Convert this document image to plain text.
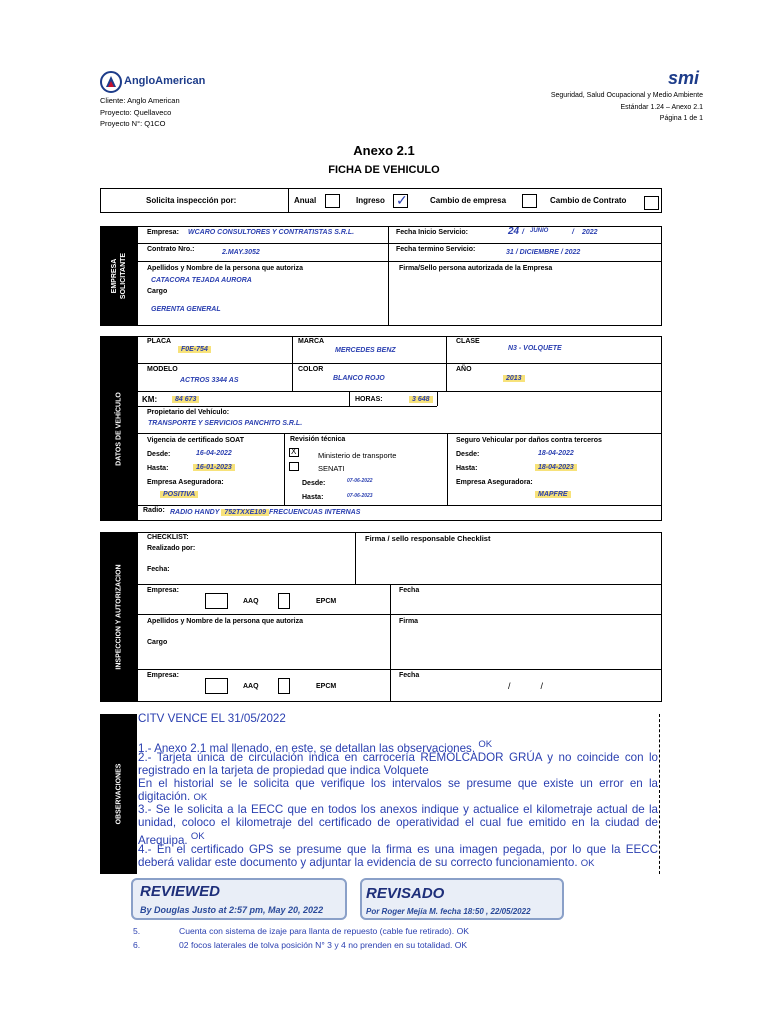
AngloAmerican
Cliente: Anglo American
Proyecto: Quellaveco
Proyecto N°: Q1CO
smi
Seguridad, Salud Ocupacional y Medio Ambiente
Estándar 1.24 – Anexo 2.1
Página 1 de 1
Anexo 2.1
FICHA DE VEHICULO
Solicita inspección por:	Anual	Ingreso ✓	Cambio de empresa	Cambio de Contrato
EMPRESA SOLICITANTE
Empresa: WCARO CONSULTORES Y CONTRATISTAS S.R.L.	Fecha Inicio Servicio:	24 / JUNIO	/ 2022
Contrato Nro.:	2.MAY.3052	Fecha termino Servicio:	31 / DICIEMBRE / 2022
Apellidos y Nombre de la persona que autoriza
CATACORA TEJADA AURORA
Cargo
GERENTA GENERAL
Firma/Sello persona autorizada de la Empresa
DATOS DE VEHÍCULO
PLACA
F0E-754
MARCA
MERCEDES BENZ
CLASE
N3 - VOLQUETE
MODELO
ACTROS 3344 AS
COLOR
BLANCO ROJO
AÑO
2013
KM:	84 673	HORAS:	3 648
Propietario del Vehículo:
TRANSPORTE Y SERVICIOS PANCHITO S.R.L.
Vigencia de certificado SOAT
Desde:	16-04-2022
Hasta:	16-01-2023
Empresa Aseguradora:
POSITIVA
Revisión técnica
X	Ministerio de transporte
SENATI
Desde:	07-06-2022
Hasta:	07-06-2023
Seguro Vehicular por daños contra terceros
Desde:	18-04-2022
Hasta:	18-04-2023
Empresa Aseguradora:
MAPFRE
Radio: RADIO HANDY 752TXXE109 FRECUENCUAS INTERNAS
INSPECCION Y AUTORIZACION
CHECKLIST:
Realizado por:
Fecha:
Firma / sello responsable Checklist
Empresa:
AAQ	EPCM
Fecha
Apellidos y Nombre de la persona que autoriza
Cargo
Firma
Empresa:
AAQ	EPCM
Fecha
/            /
OBSERVACIONES
CITV VENCE EL 31/05/2022
1.- Anexo 2.1 mal llenado, en este, se detallan las observaciones. $^{OK}$
2.- Tarjeta única de circulación indica en carrocería REMOLCADOR GRÚA y no coincide con lo registrado en la tarjeta de propiedad que indica Volquete
En el historial se le solicita que verifique los intervalos se presume que existe un error en la digitación. OK
3.- Se le solicita a la EECC que en todos los anexos indique y actualice el kilometraje actual de la unidad, coloco el kilometraje del certificado de operatividad el cual fue emitido en la ciudad de Arequipa. $^{OK}$
4.- En el certificado GPS se presume que la firma es una imagen pegada, por lo que la EECC deberá validar este documento y adjuntar la evidencia de su correcto funcionamiento. OK
REVIEWED
By Douglas Justo at 2:57 pm, May 20, 2022
REVISADO
Por Roger Mejía M. fecha 18:50 , 22/05/2022
5.	Cuenta con sistema de izaje para llanta de repuesto (cable fue retirado). OK
6.	02 focos laterales de tolva posición N° 3 y 4 no prenden en su totalidad. OK
